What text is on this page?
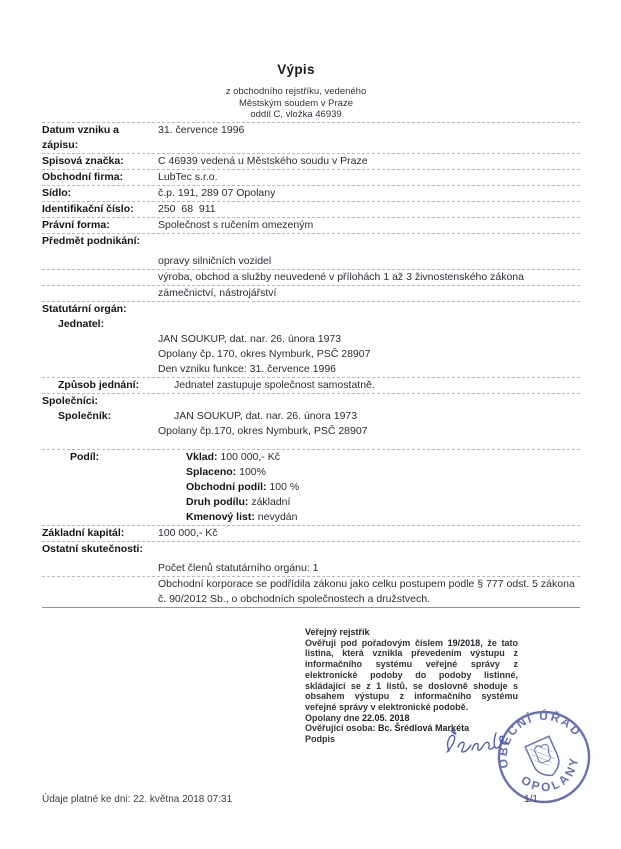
Výpis
z obchodního rejstříku, vedeného
Městským soudem v Praze
oddíl C, vložka 46939
Datum vzniku a zápisu:
31. července 1996
Spisová značka:	C 46939 vedená u Městského soudu v Praze
Obchodní firma:	LubTec s.r.o.
Sídlo:	č.p. 191, 289 07 Opolany
Identifikační číslo:	250  68  911
Právní forma:	Společnost s ručením omezeným
Předmět podnikání:
opravy silničních vozidel
výroba, obchod a služby neuvedené v přílohách 1 až 3 živnostenského zákona
zámečnictví, nástrojářství
Statutární orgán:
Jednatel:
JAN SOUKUP, dat. nar. 26. února 1973
Opolany čp. 170, okres Nymburk, PSČ 28907
Den vzniku funkce: 31. července 1996
Způsob jednání:	Jednatel zastupuje společnost samostatně.
Společníci:
Společník:	JAN SOUKUP, dat. nar. 26. února 1973
Opolany čp.170, okres Nymburk, PSČ 28907
Podíl:	Vklad: 100 000,- Kč
Splaceno: 100%
Obchodní podíl: 100 %
Druh podílu: základní
Kmenový list: nevydán
Základní kapitál:	100 000,- Kč
Ostatní skutečnosti:
Počet členů statutárního orgánu: 1
Obchodní korporace se podřídila zákonu jako celku postupem podle § 777 odst. 5 zákona č. 90/2012 Sb., o obchodních společnostech a družstvech.
Veřejný rejstřík
Ověřuji pod pořadovým číslem 19/2018, že tato listina, která vznikla převedením výstupu z informačního systému veřejné správy z elektronické podoby do podoby listinné, skládající se z 1 listů, se doslovně shoduje s obsahem výstupu z informačního systému veřejné správy v elektronické podobě.
Opolany dne 22.05. 2018
Ověřující osoba: Bc. Šrédlová Markéta
Podpis
OBECNÍ ÚŘAD
OPOLANY
Údaje platné ke dni: 22. května 2018 07:31	1/1
